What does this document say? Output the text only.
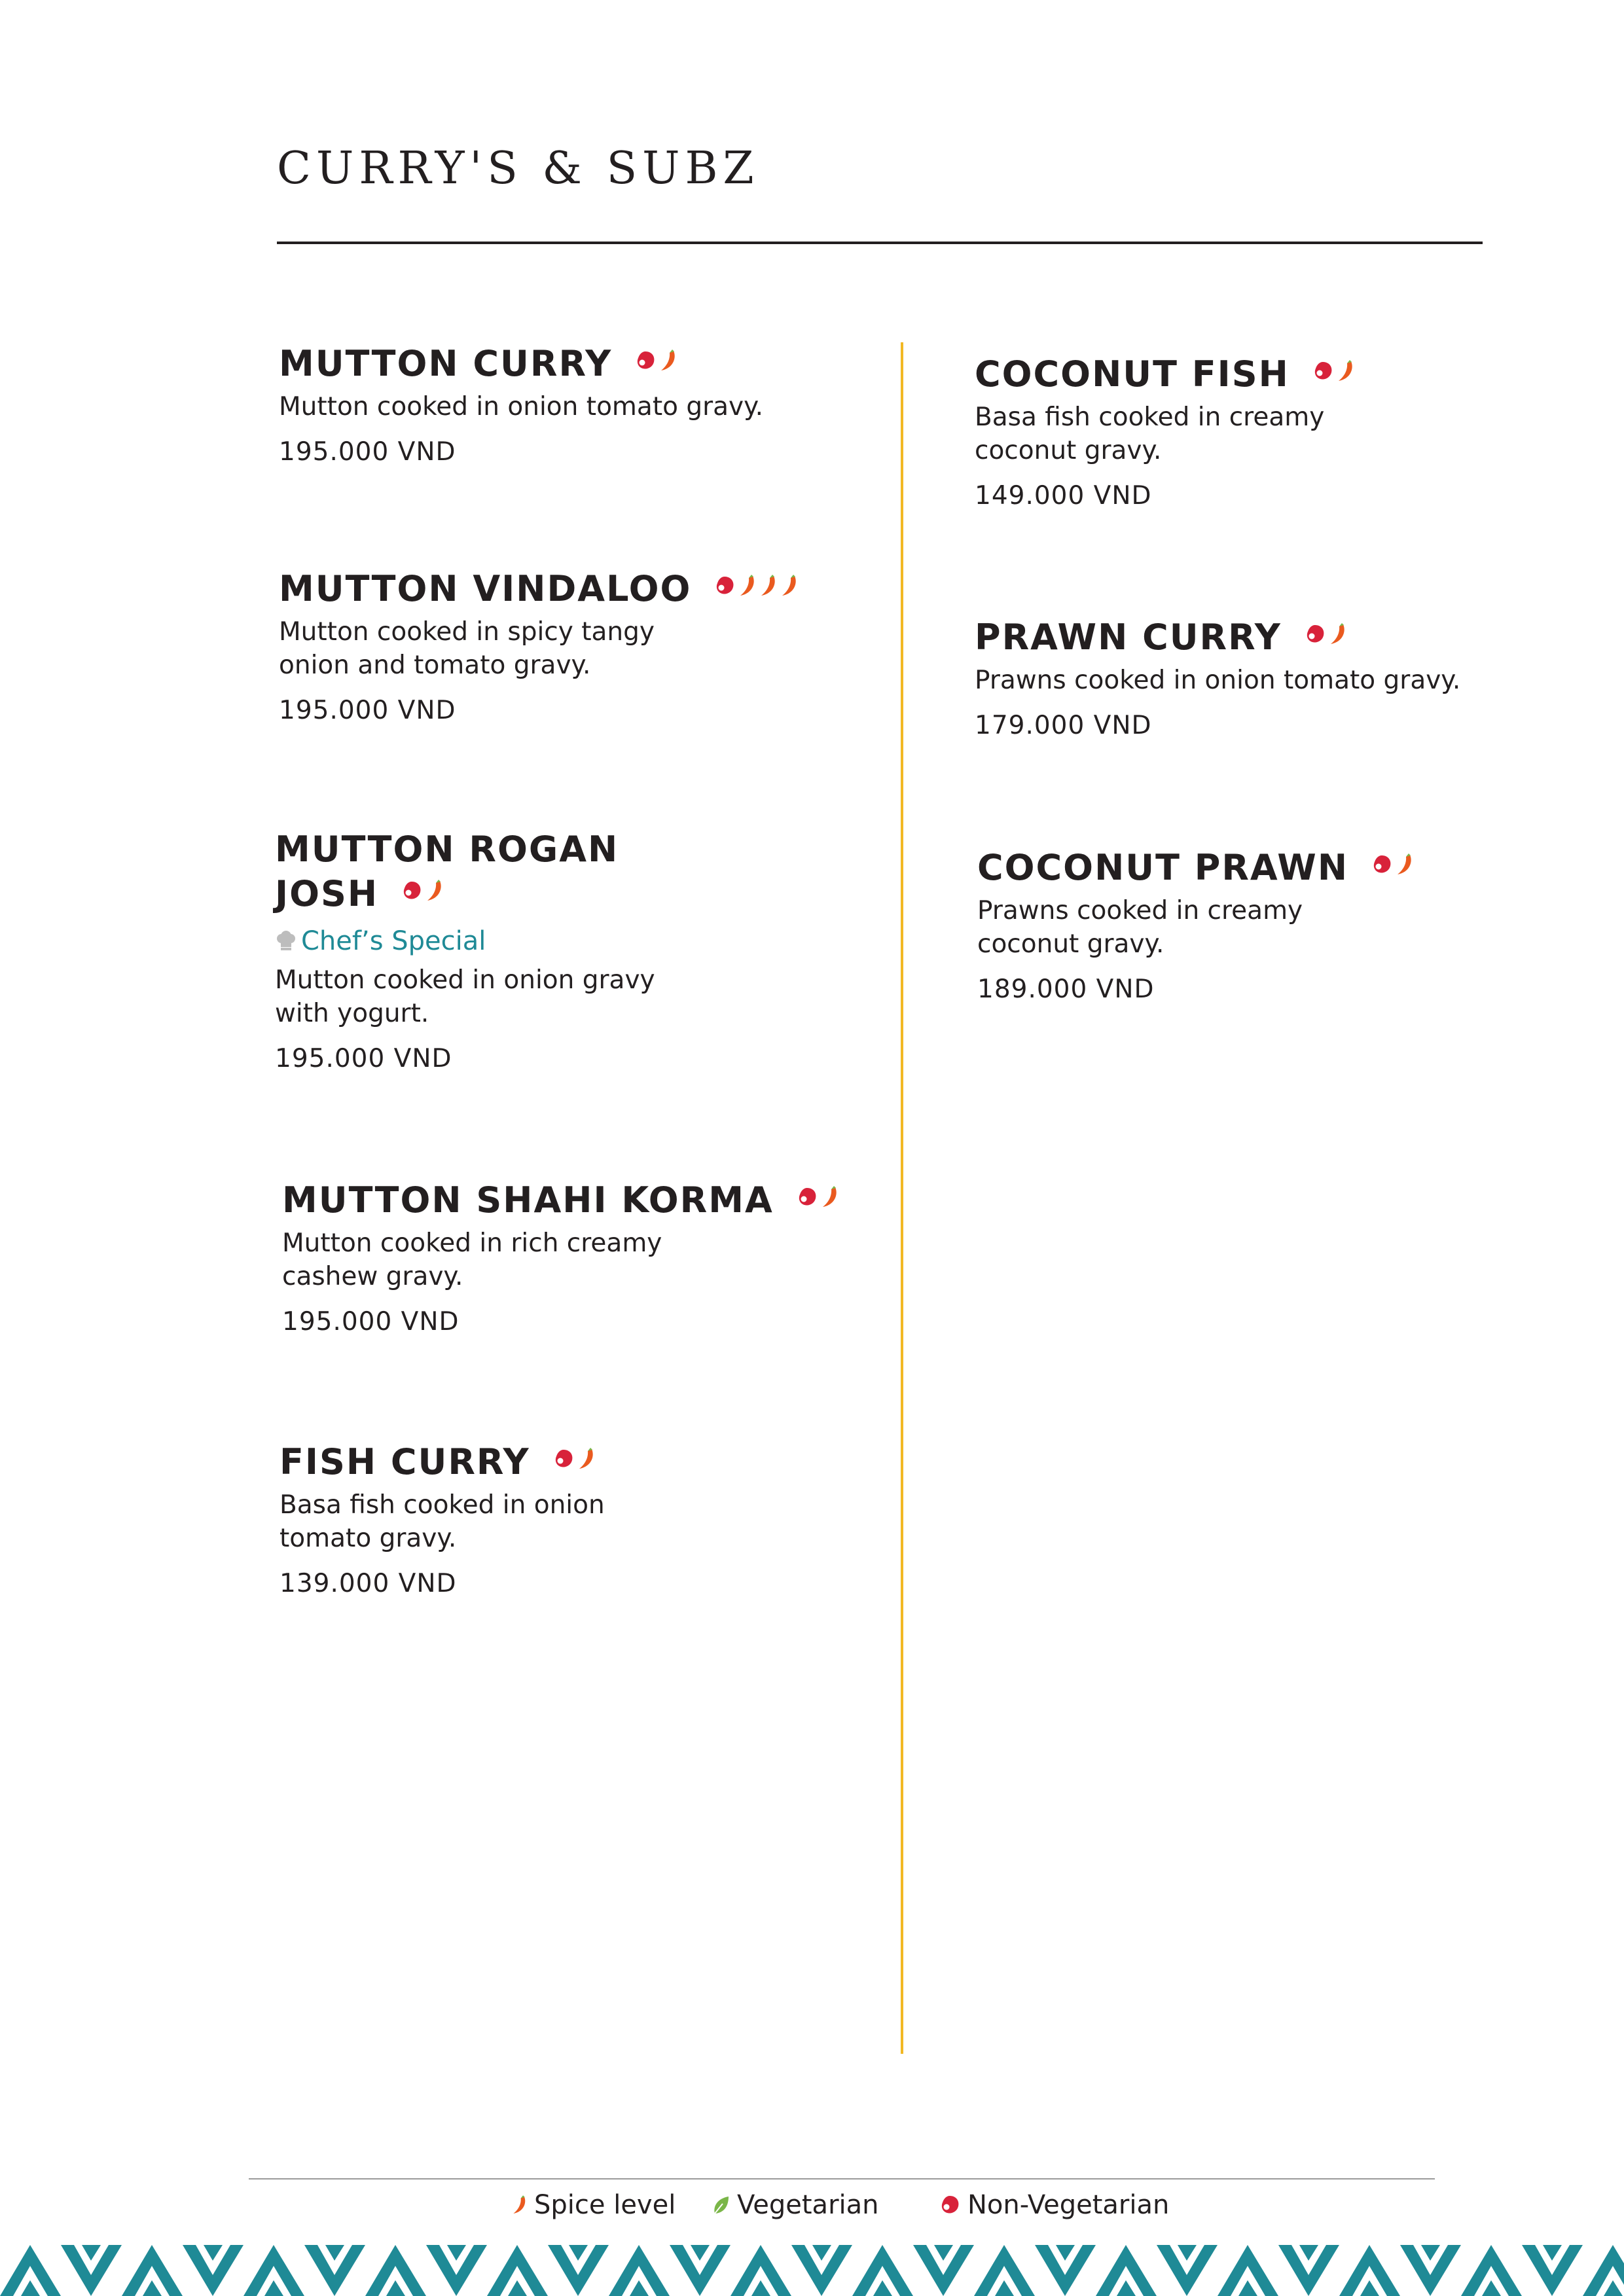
CURRY'S & SUBZ
MUTTON CURRY
Mutton cooked in onion tomato gravy.
195.000 VND
MUTTON VINDALOO
Mutton cooked in spicy tangy onion and tomato gravy.
195.000 VND
MUTTON ROGAN JOSH
Chef’s Special
Mutton cooked in onion gravy with yogurt.
195.000 VND
MUTTON SHAHI KORMA
Mutton cooked in rich creamy cashew gravy.
195.000 VND
FISH CURRY
Basa fish cooked in onion tomato gravy.
139.000 VND
COCONUT FISH
Basa fish cooked in creamy coconut gravy.
149.000 VND
PRAWN CURRY
Prawns cooked in onion tomato gravy.
179.000 VND
COCONUT PRAWN
Prawns cooked in creamy coconut gravy.
189.000 VND
Spice level Vegetarian	Non-Vegetarian
